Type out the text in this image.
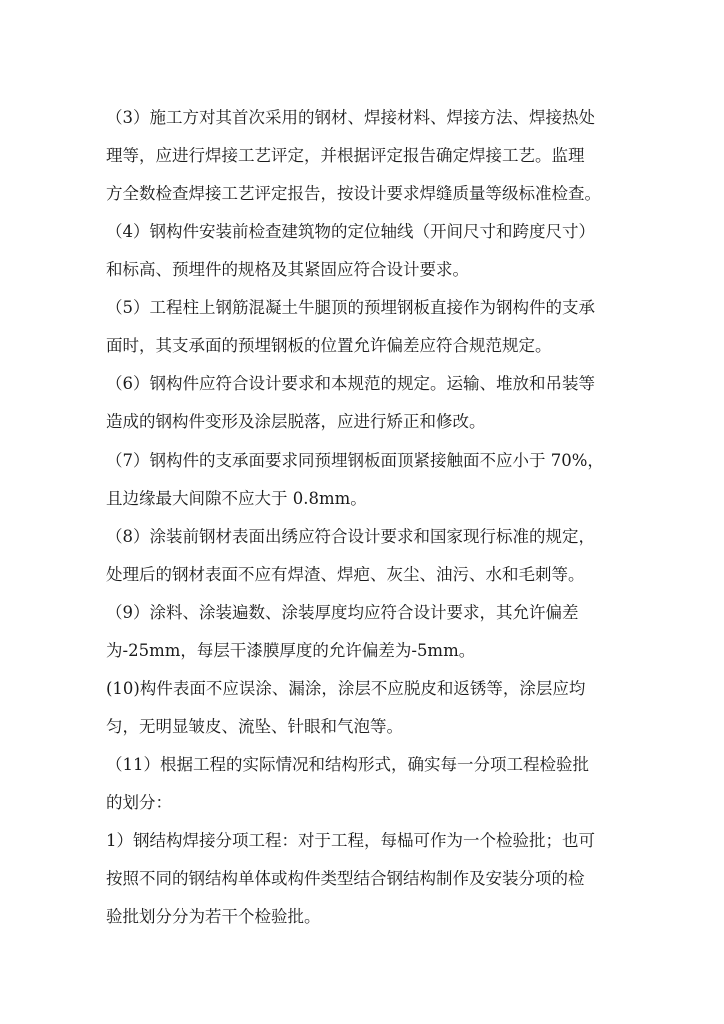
（3）施工方对其首次采用的钢材、焊接材料、焊接方法、焊接热处
理等，应进行焊接工艺评定，并根据评定报告确定焊接工艺。监理
方全数检查焊接工艺评定报告，按设计要求焊缝质量等级标准检查。
（4）钢构件安装前检查建筑物的定位轴线（开间尺寸和跨度尺寸）
和标高、预埋件的规格及其紧固应符合设计要求。
（5）工程柱上钢筋混凝土牛腿顶的预埋钢板直接作为钢构件的支承
面时，其支承面的预埋钢板的位置允许偏差应符合规范规定。
（6）钢构件应符合设计要求和本规范的规定。运输、堆放和吊装等
造成的钢构件变形及涂层脱落，应进行矫正和修改。
（7）钢构件的支承面要求同预埋钢板面顶紧接触面不应小于 70%，
且边缘最大间隙不应大于 0.8mm。
（8）涂装前钢材表面出绣应符合设计要求和国家现行标准的规定，
处理后的钢材表面不应有焊渣、焊疤、灰尘、油污、水和毛刺等。
（9）涂料、涂装遍数、涂装厚度均应符合设计要求，其允许偏差
为-25mm，每层干漆膜厚度的允许偏差为-5mm。
(10)构件表面不应误涂、漏涂，涂层不应脱皮和返锈等，涂层应均
匀，无明显皱皮、流坠、针眼和气泡等。
（11）根据工程的实际情况和结构形式，确实每一分项工程检验批
的划分：
1）钢结构焊接分项工程：对于工程，每榀可作为一个检验批；也可
按照不同的钢结构单体或构件类型结合钢结构制作及安装分项的检
验批划分分为若干个检验批。
